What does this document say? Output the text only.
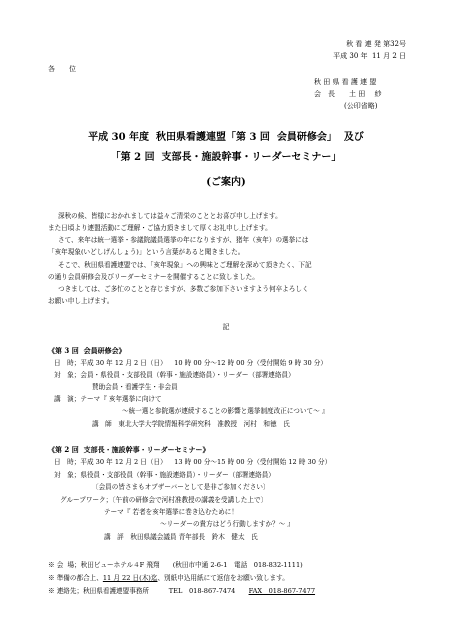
秋 看 連 発 第32号
平成 30 年  11 月 2 日
各　　位
秋 田 県 看 護 連 盟
会　長　　土 田　 紗
(公印省略)
平成 30 年度  秋田県看護連盟「第 3 回  会員研修会」  及び
「第 2 回  支部長・施設幹事・リーダーセミナー」
(ご案内)
深秋の候、皆様におかれましては益々ご清栄のこととお喜び申し上げます。
また日頃より連盟活動にご理解・ご協力頂きまして厚くお礼申し上げます。
さて、来年は統一選挙・参議院議員選挙の年になりますが、猪年（亥年）の選挙には
「亥年現象(いどしげんしょう)」という言葉があると聞きました。
そこで、秋田県看護連盟では、「亥年現象」への興味とご理解を深めて頂きたく、下記
の通り会員研修会及びリーダーセミナーを開催することに致しました。
つきましては、ご多忙のことと存じますが、多数ご参加下さいますよう何卒よろしく
お願い申し上げます。
記
《第 3 回  会員研修会》
日　時；平成 30 年 12 月 2 日（日）　  10 時 00 分～12 時 00 分（受付開始 9 時 30 分）
対　象；会員・県役員・支部役員（幹事・施設連絡員）・リーダー（部署連絡員）
賛助会員・看護学生・非会員
講　演；テーマ『 亥年選挙に向けて
～統一選と参院選が連続することの影響と選挙制度改正について～ 』
講　師　東北大学大学院情報科学研究科　准教授　河村　和徳　氏
《第 2 回  支部長・施設幹事・リーダーセミナー》
日　時；平成 30 年 12 月 2 日（日）　  13 時 00 分～15 時 00 分（受付開始 12 時 30 分）
対　象；県役員・支部役員（幹事・施設連絡員）・リーダー（部署連絡員）
〔会員の皆さまもオブザーバーとして是非ご参加ください〕
グループワーク；〔午前の研修会で河村准教授の講義を受講した上で〕
テーマ『 若者を亥年選挙に巻き込むために！
～リーダーの貴方はどう行動しますか？～ 』
講　評　秋田県議会議員 青年部長　鈴木　健太　氏
※ 会  場；秋田ビューホテル４F 飛翔　　(秋田市中通 2-6-1　電話　018-832-1111)
※ 準備の都合上、11 月 22 日(木)迄、別紙申込用紙にて返信をお願い致します。
※ 連絡先；秋田県看護連盟事務所　　　TEL　018-867-7474　　FAX　018-867-7477
